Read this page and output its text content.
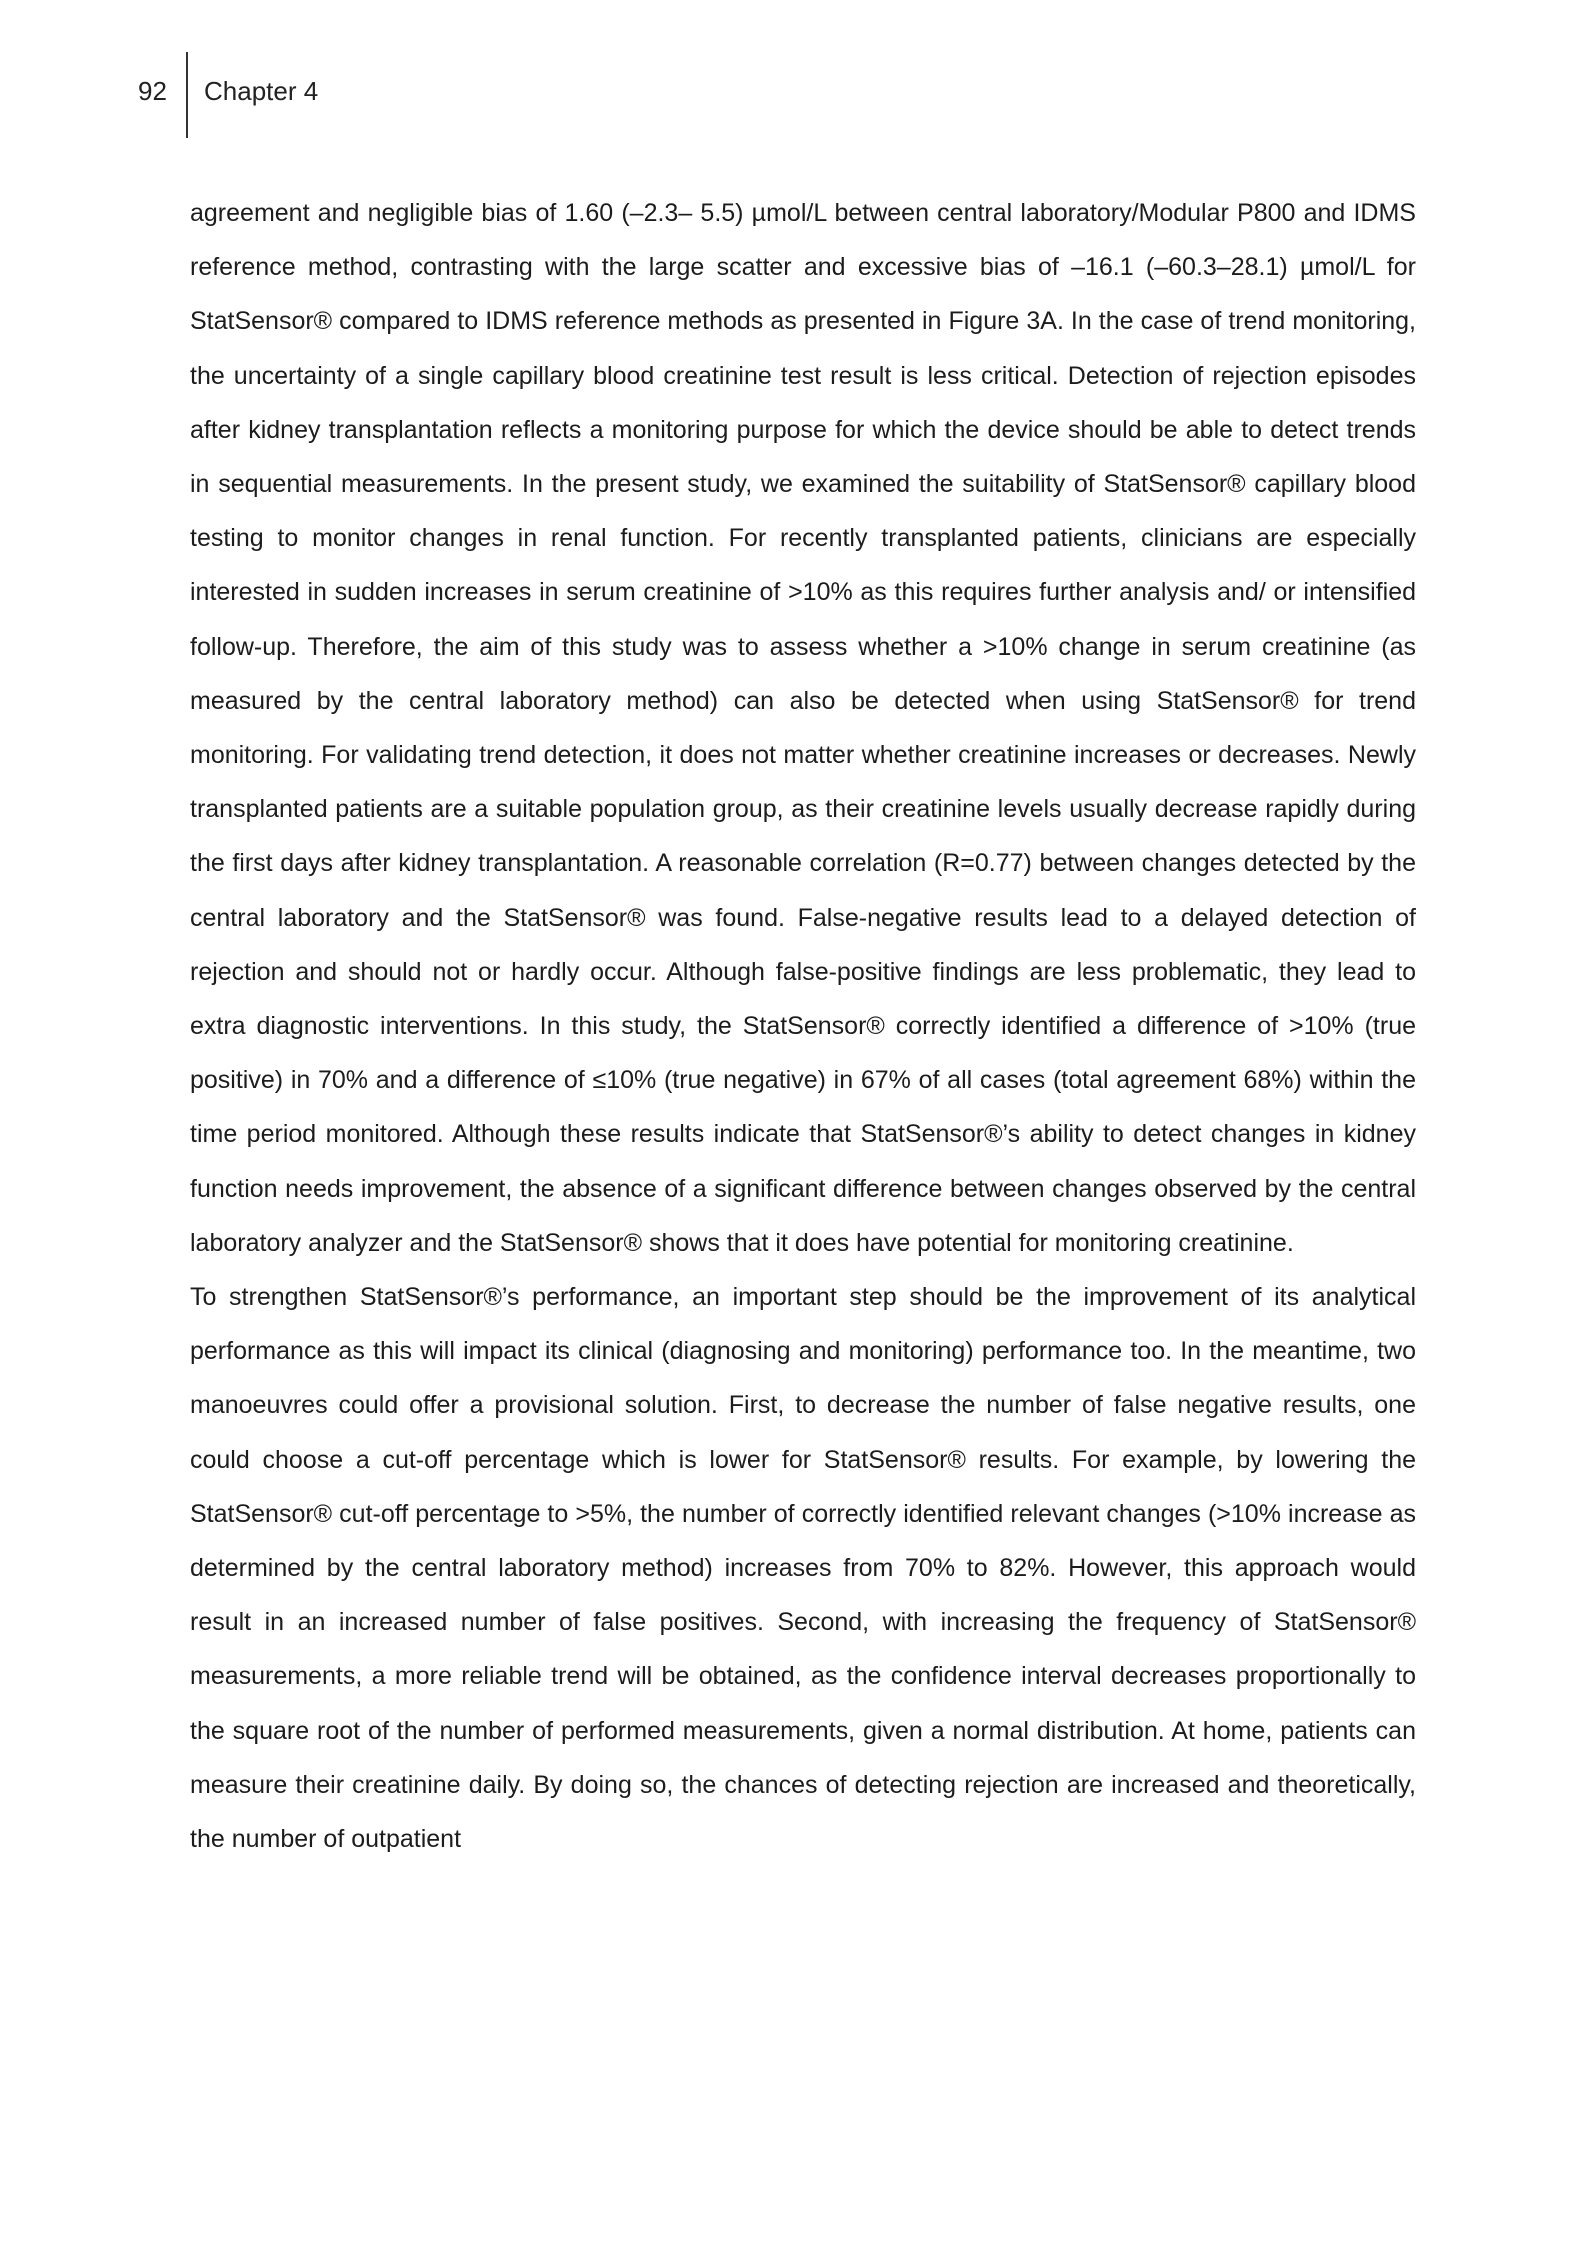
92 Chapter 4

agreement and negligible bias of 1.60 (–2.3– 5.5) µmol/L between central laboratory/Modular P800 and IDMS reference method, contrasting with the large scatter and excessive bias of –16.1 (–60.3–28.1) µmol/L for StatSensor® compared to IDMS reference methods as presented in Figure 3A. In the case of trend monitoring, the uncertainty of a single capillary blood creatinine test result is less critical. Detection of rejection episodes after kidney transplantation reflects a monitoring purpose for which the device should be able to detect trends in sequential measurements. In the present study, we examined the suitability of StatSensor® capillary blood testing to monitor changes in renal function. For recently transplanted patients, clinicians are especially interested in sudden increases in serum creatinine of >10% as this requires further analysis and/ or intensified follow-up. Therefore, the aim of this study was to assess whether a >10% change in serum creatinine (as measured by the central laboratory method) can also be detected when using StatSensor® for trend monitoring. For validating trend detection, it does not matter whether creatinine increases or decreases. Newly transplanted patients are a suitable population group, as their creatinine levels usually decrease rapidly during the first days after kidney transplantation. A reasonable correlation (R=0.77) between changes detected by the central laboratory and the StatSensor® was found. False-negative results lead to a delayed detection of rejection and should not or hardly occur. Although false-positive findings are less problematic, they lead to extra diagnostic interventions. In this study, the StatSensor® correctly identified a difference of >10% (true positive) in 70% and a difference of ≤10% (true negative) in 67% of all cases (total agreement 68%) within the time period monitored. Although these results indicate that StatSensor®’s ability to detect changes in kidney function needs improvement, the absence of a significant difference between changes observed by the central laboratory analyzer and the StatSensor® shows that it does have potential for monitoring creatinine.

To strengthen StatSensor®’s performance, an important step should be the improvement of its analytical performance as this will impact its clinical (diagnosing and monitoring) performance too. In the meantime, two manoeuvres could offer a provisional solution. First, to decrease the number of false negative results, one could choose a cut-off percentage which is lower for StatSensor® results. For example, by lowering the StatSensor® cut-off percentage to >5%, the number of correctly identified relevant changes (>10% increase as determined by the central laboratory method) increases from 70% to 82%. However, this approach would result in an increased number of false positives. Second, with increasing the frequency of StatSensor® measurements, a more reliable trend will be obtained, as the confidence interval decreases proportionally to the square root of the number of performed measurements, given a normal distribution. At home, patients can measure their creatinine daily. By doing so, the chances of detecting rejection are increased and theoretically, the number of outpatient
